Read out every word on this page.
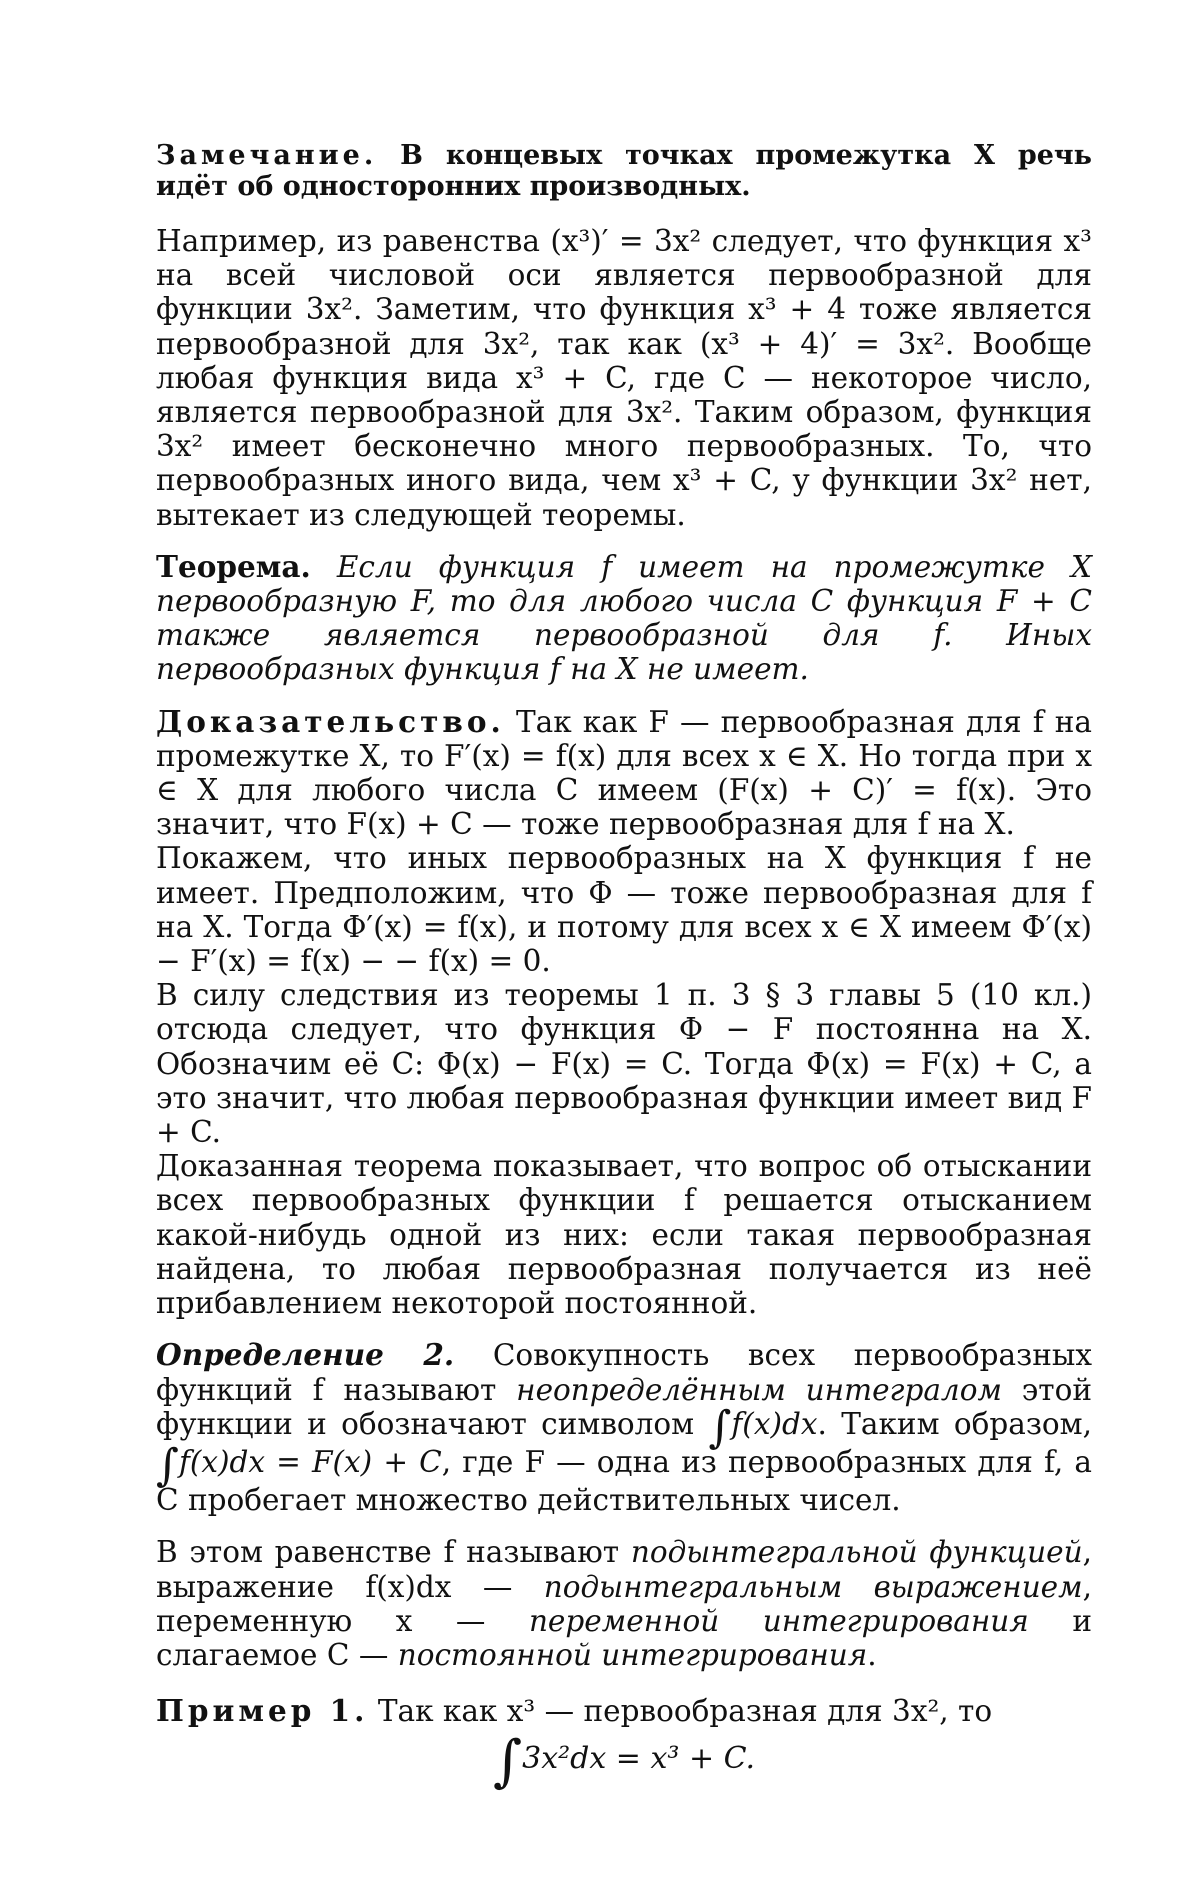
Замечание. В концевых точках промежутка X речь идёт об односторонних производных.

Например, из равенства (x³)′ = 3x² следует, что функция x³ на всей числовой оси является первообразной для функции 3x². Заметим, что функция x³ + 4 тоже является первообразной для 3x², так как (x³ + 4)′ = 3x². Вообще любая функция вида x³ + C, где C — некоторое число, является первообразной для 3x². Таким образом, функция 3x² имеет бесконечно много первообразных. То, что первообразных иного вида, чем x³ + C, у функции 3x² нет, вытекает из следующей теоремы.

Теорема. Если функция f имеет на промежутке X первообразную F, то для любого числа C функция F + C также является первообразной для f. Иных первообразных функция f на X не имеет.

Доказательство. Так как F — первообразная для f на промежутке X, то F′(x) = f(x) для всех x ∈ X. Но тогда при x ∈ X для любого числа C имеем (F(x) + C)′ = f(x). Это значит, что F(x) + C — тоже первообразная для f на X.

Покажем, что иных первообразных на X функция f не имеет. Предположим, что Φ — тоже первообразная для f на X. Тогда Φ′(x) = f(x), и потому для всех x ∈ X имеем Φ′(x) − F′(x) = f(x) − − f(x) = 0.

В силу следствия из теоремы 1 п. 3 § 3 главы 5 (10 кл.) отсюда следует, что функция Φ − F постоянна на X. Обозначим её C: Φ(x) − F(x) = C. Тогда Φ(x) = F(x) + C, а это значит, что любая первообразная функции имеет вид F + C.

Доказанная теорема показывает, что вопрос об отыскании всех первообразных функции f решается отысканием какой-нибудь одной из них: если такая первообразная найдена, то любая первообразная получается из неё прибавлением некоторой постоянной.

Определение 2. Совокупность всех первообразных функций f называют неопределённым интегралом этой функции и обозначают символом ∫f(x)dx. Таким образом, ∫f(x)dx = F(x) + C, где F — одна из первообразных для f, а C пробегает множество действительных чисел.

В этом равенстве f называют подынтегральной функцией, выражение f(x)dx — подынтегральным выражением, переменную x — переменной интегрирования и слагаемое C — постоянной интегрирования.

Пример 1. Так как x³ — первообразная для 3x², то

∫3x²dx = x³ + C.
